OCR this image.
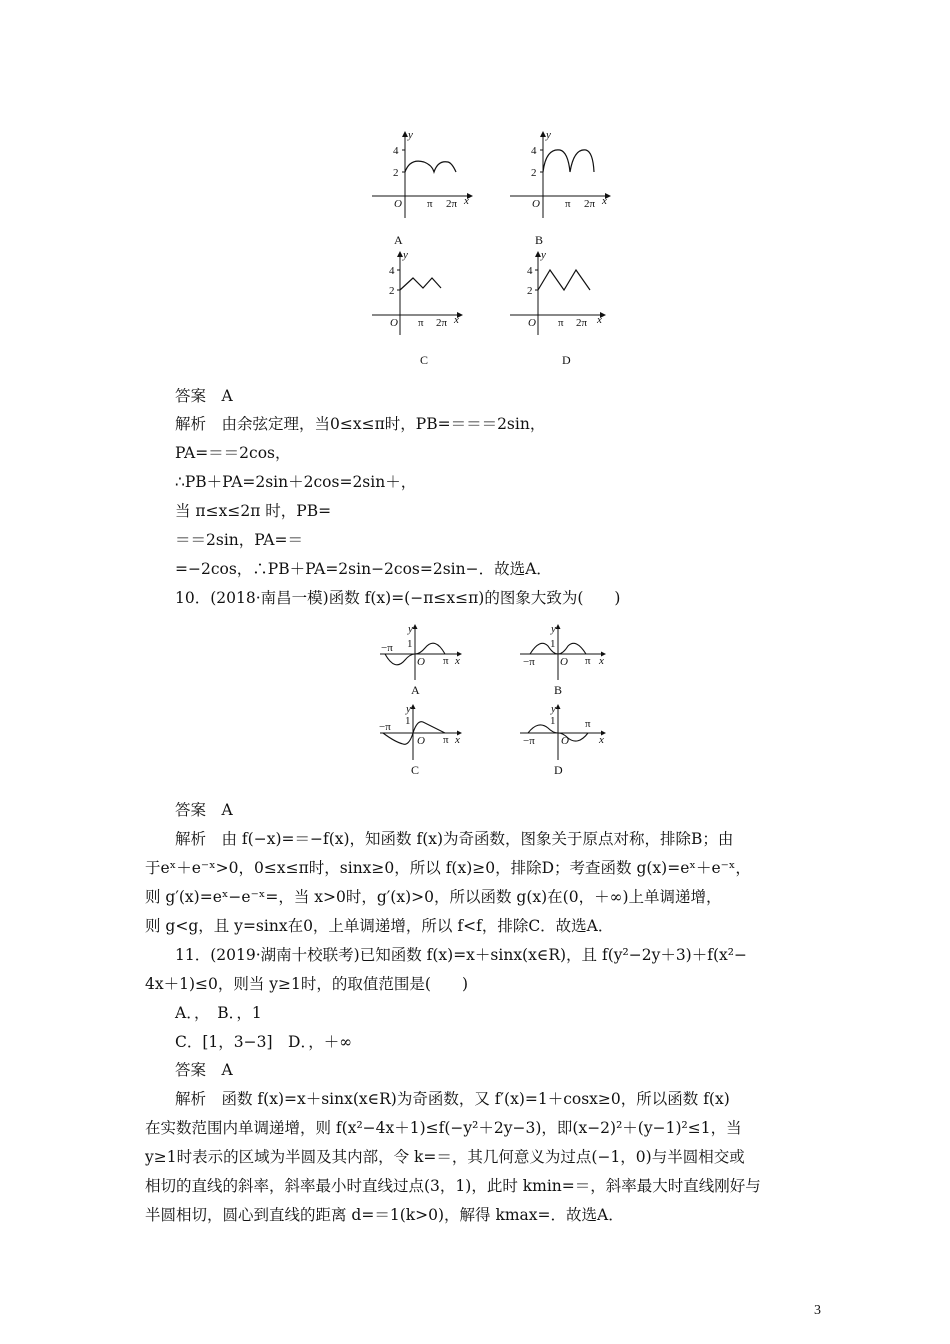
y
x
O
4
2
π 2π
A
y
x
O
4
2
π 2π
B
y
x
O
4
2
π 2π
C
y
x
O
4
2
π 2π
D
答案　A
解析　由余弦定理，当0≤x≤π时，PB=＝＝＝2sin，
PA=＝＝2cos，
∴PB＋PA=2sin＋2cos=2sin＋，
当 π≤x≤2π 时，PB=
＝＝2sin，PA=＝
=−2cos，∴PB＋PA=2sin−2cos=2sin−．故选A．
10．(2018·南昌一模)函数 f(x)=(−π≤x≤π)的图象大致为(　　)
y
x
O
1
−π
π
A
y
x
O
1
−π	π
B
y
x
O
1
−π
π
C
y
x
O
1
−π
π
D
答案　A
解析　由 f(−x)=＝−f(x)，知函数 f(x)为奇函数，图象关于原点对称，排除B；由
于eˣ＋e⁻ˣ>0，0≤x≤π时，sinx≥0，所以 f(x)≥0，排除D；考查函数 g(x)=eˣ＋e⁻ˣ，
则 g′(x)=eˣ−e⁻ˣ=，当 x>0时，g′(x)>0，所以函数 g(x)在(0，＋∞)上单调递增，
则 g<g，且 y=sinx在0，上单调递增，所以 f<f，排除C．故选A．
11．(2019·湖南十校联考)已知函数 f(x)=x＋sinx(x∈R)，且 f(y²−2y＋3)＋f(x²−
4x＋1)≤0，则当 y≥1时，的取值范围是(　　)
A．，　B．，1
C．[1，3−3]　D．，＋∞
答案　A
解析　函数 f(x)=x＋sinx(x∈R)为奇函数，又 f′(x)=1＋cosx≥0，所以函数 f(x)
在实数范围内单调递增，则 f(x²−4x＋1)≤f(−y²＋2y−3)，即(x−2)²＋(y−1)²≤1，当
y≥1时表示的区域为半圆及其内部，令 k=＝，其几何意义为过点(−1，0)与半圆相交或
相切的直线的斜率，斜率最小时直线过点(3，1)，此时 kmin=＝，斜率最大时直线刚好与
半圆相切，圆心到直线的距离 d=＝1(k>0)，解得 kmax=．故选A．
3
